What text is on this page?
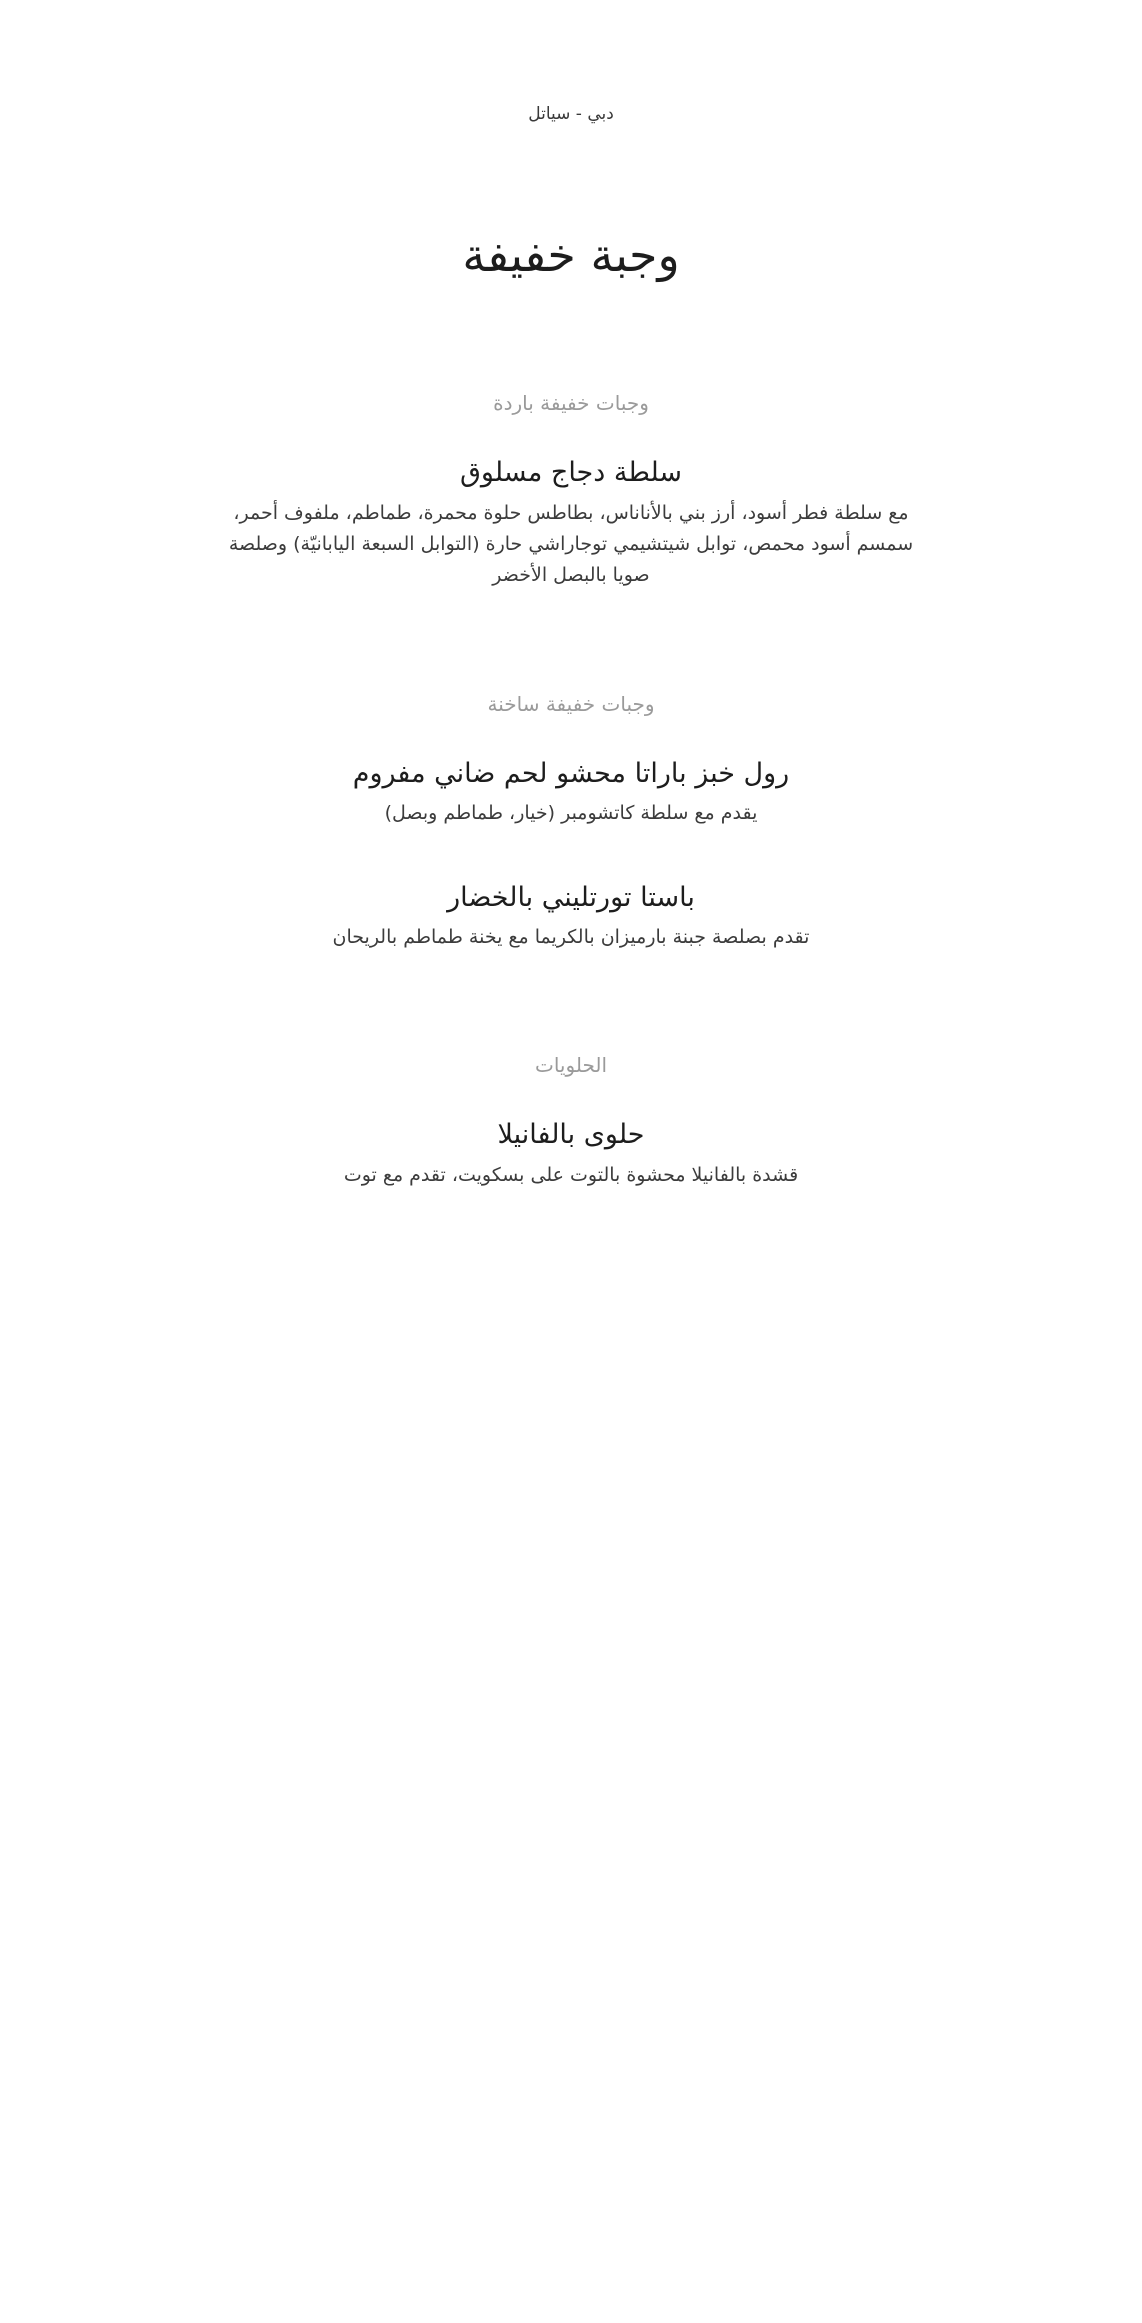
دبي - سياتل
وجبة خفيفة
وجبات خفيفة باردة
سلطة دجاج مسلوق
مع سلطة فطر أسود، أرز بني بالأناناس، بطاطس حلوة محمرة، طماطم، ملفوف أحمر، سمسم أسود محمص، توابل شيتشيمي توجاراشي حارة (التوابل السبعة اليابانيّة) وصلصة صويا بالبصل الأخضر
وجبات خفيفة ساخنة
رول خبز باراتا محشو لحم ضاني مفروم
يقدم مع سلطة كاتشومبر (خيار، طماطم وبصل)
باستا تورتليني بالخضار
تقدم بصلصة جبنة بارميزان بالكريما مع يخنة طماطم بالريحان
الحلويات
حلوى بالفانيلا
قشدة بالفانيلا محشوة بالتوت على بسكويت، تقدم مع توت
